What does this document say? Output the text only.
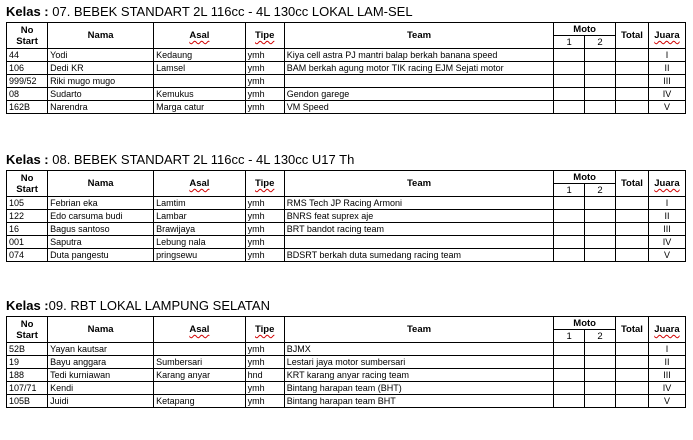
Kelas : 07. BEBEK STANDART 2L 116cc - 4L 130cc LOKAL LAM-SEL
No
Start	Nama	Asal	Tipe	Team	Moto		Total	Juara
					1	2		
44	Yodi	Kedaung	ymh	Kiya cell astra PJ mantri balap berkah banana speed				I
106	Dedi KR	Lamsel	ymh	BAM berkah agung motor TIK racing EJM Sejati motor				II
999/52	Riki mugo mugo		ymh					III
08	Sudarto	Kemukus	ymh	Gendon garege				IV
162B	Narendra	Marga catur	ymh	VM Speed				V
Kelas : 08. BEBEK STANDART 2L 116cc - 4L 130cc U17 Th
No
Start	Nama	Asal	Tipe	Team	Moto		Total	Juara
					1	2		
105	Febrian eka	Lamtim	ymh	RMS Tech JP Racing Armoni				I
122	Edo carsuma budi	Lambar	ymh	BNRS feat suprex aje				II
16	Bagus santoso	Brawijaya	ymh	BRT bandot racing team				III
001	Saputra	Lebung nala	ymh					IV
074	Duta pangestu	pringsewu	ymh	BDSRT berkah duta sumedang racing team				V
Kelas :09. RBT LOKAL LAMPUNG SELATAN
No
Start	Nama	Asal	Tipe	Team	Moto		Total	Juara
					1	2		
52B	Yayan kautsar		ymh	BJMX				I
19	Bayu anggara	Sumbersari	ymh	Lestari jaya motor sumbersari				II
188	Tedi kurniawan	Karang anyar	hnd	KRT karang anyar racing team				III
107/71	Kendi		ymh	Bintang harapan team (BHT)				IV
105B	Juidi	Ketapang	ymh	Bintang harapan team BHT				V
